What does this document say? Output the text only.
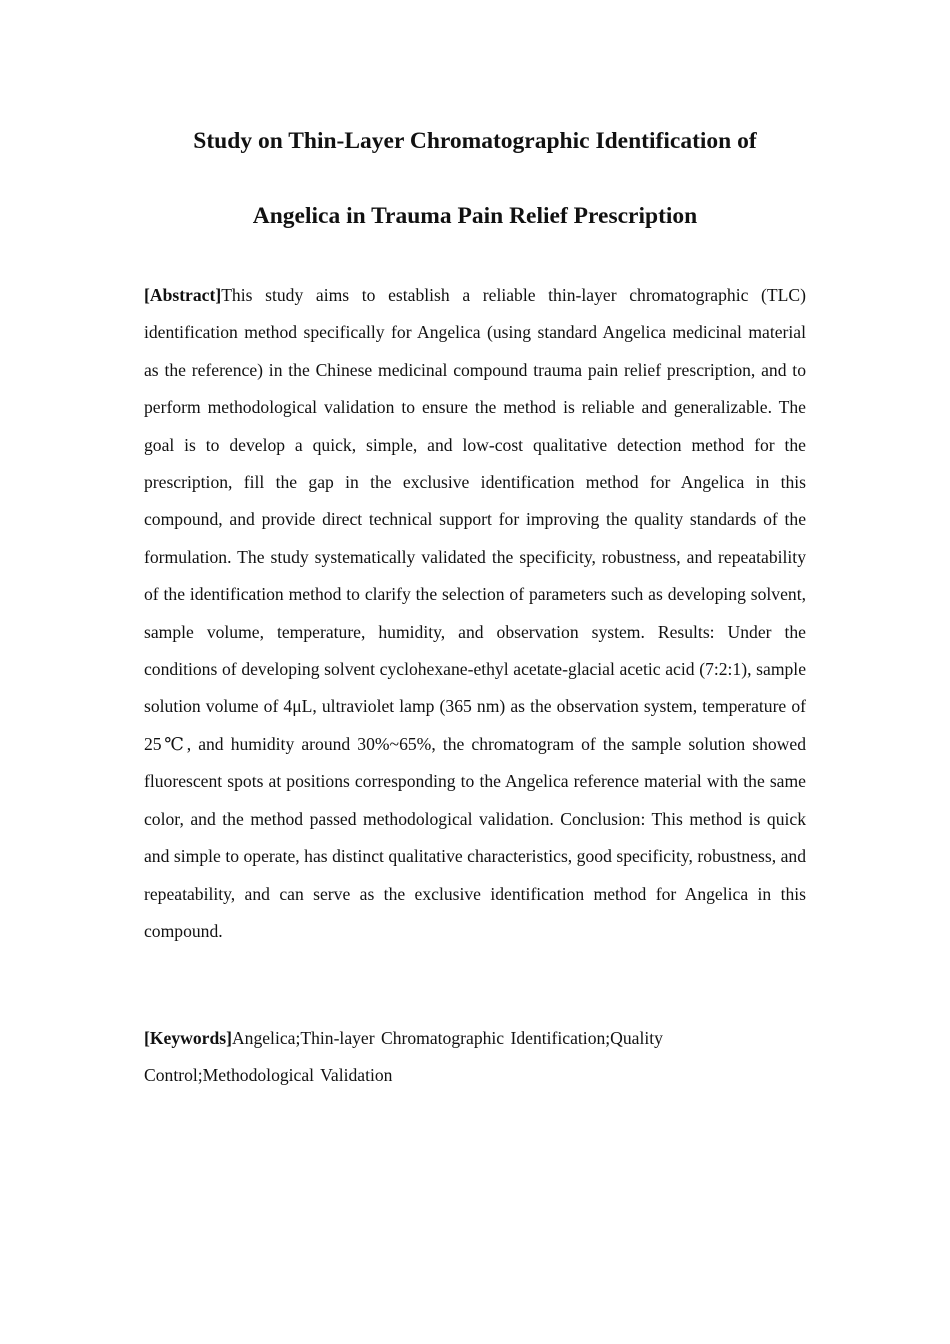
Study on Thin-Layer Chromatographic Identification of
Angelica in Trauma Pain Relief Prescription

[Abstract]This study aims to establish a reliable thin-layer chromatographic (TLC) identification method specifically for Angelica (using standard Angelica medicinal material as the reference) in the Chinese medicinal compound trauma pain relief prescription, and to perform methodological validation to ensure the method is reliable and generalizable. The goal is to develop a quick, simple, and low-cost qualitative detection method for the prescription, fill the gap in the exclusive identification method for Angelica in this compound, and provide direct technical support for improving the quality standards of the formulation. The study systematically validated the specificity, robustness, and repeatability of the identification method to clarify the selection of parameters such as developing solvent, sample volume, temperature, humidity, and observation system. Results: Under the conditions of developing solvent cyclohexane-ethyl acetate-glacial acetic acid (7:2:1), sample solution volume of 4μL, ultraviolet lamp (365 nm) as the observation system, temperature of 25℃, and humidity around 30%~65%, the chromatogram of the sample solution showed fluorescent spots at positions corresponding to the Angelica reference material with the same color, and the method passed methodological validation. Conclusion: This method is quick and simple to operate, has distinct qualitative characteristics, good specificity, robustness, and repeatability, and can serve as the exclusive identification method for Angelica in this compound.

[Keywords]Angelica;Thin-layer Chromatographic Identification;Quality Control;Methodological Validation
